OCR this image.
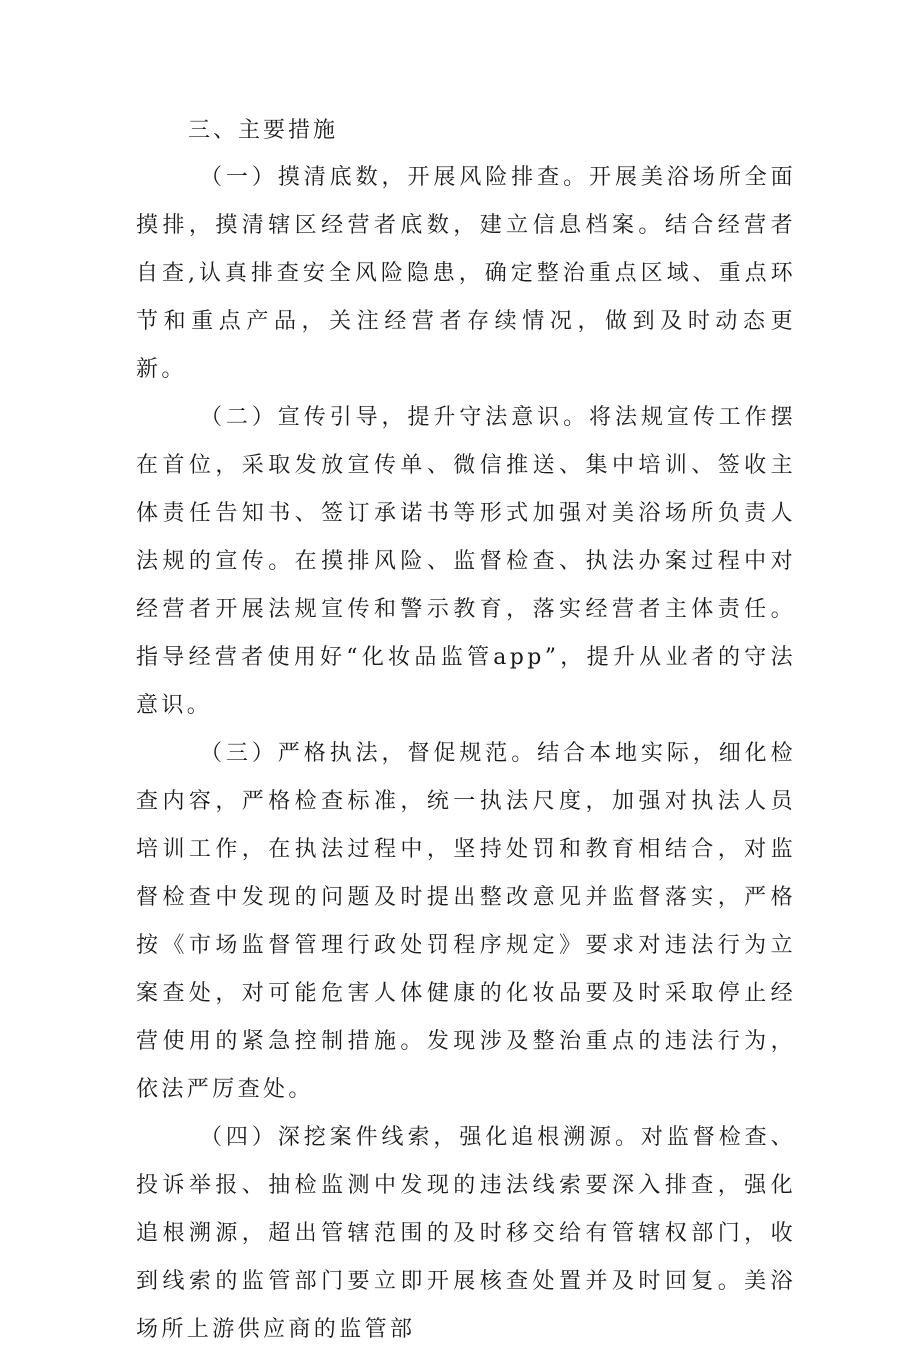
三、主要措施

（一）摸清底数，开展风险排查。开展美浴场所全面摸排，摸清辖区经营者底数，建立信息档案。结合经营者自查,认真排查安全风险隐患，确定整治重点区域、重点环节和重点产品，关注经营者存续情况，做到及时动态更新。

（二）宣传引导，提升守法意识。将法规宣传工作摆在首位，采取发放宣传单、微信推送、集中培训、签收主体责任告知书、签订承诺书等形式加强对美浴场所负责人法规的宣传。在摸排风险、监督检查、执法办案过程中对经营者开展法规宣传和警示教育，落实经营者主体责任。指导经营者使用好“化妆品监管app”，提升从业者的守法意识。

（三）严格执法，督促规范。结合本地实际，细化检查内容，严格检查标准，统一执法尺度，加强对执法人员培训工作，在执法过程中，坚持处罚和教育相结合，对监督检查中发现的问题及时提出整改意见并监督落实，严格按《市场监督管理行政处罚程序规定》要求对违法行为立案查处，对可能危害人体健康的化妆品要及时采取停止经营使用的紧急控制措施。发现涉及整治重点的违法行为，依法严厉查处。

（四）深挖案件线索，强化追根溯源。对监督检查、投诉举报、抽检监测中发现的违法线索要深入排查，强化追根溯源，超出管辖范围的及时移交给有管辖权部门，收到线索的监管部门要立即开展核查处置并及时回复。美浴场所上游供应商的监管部
